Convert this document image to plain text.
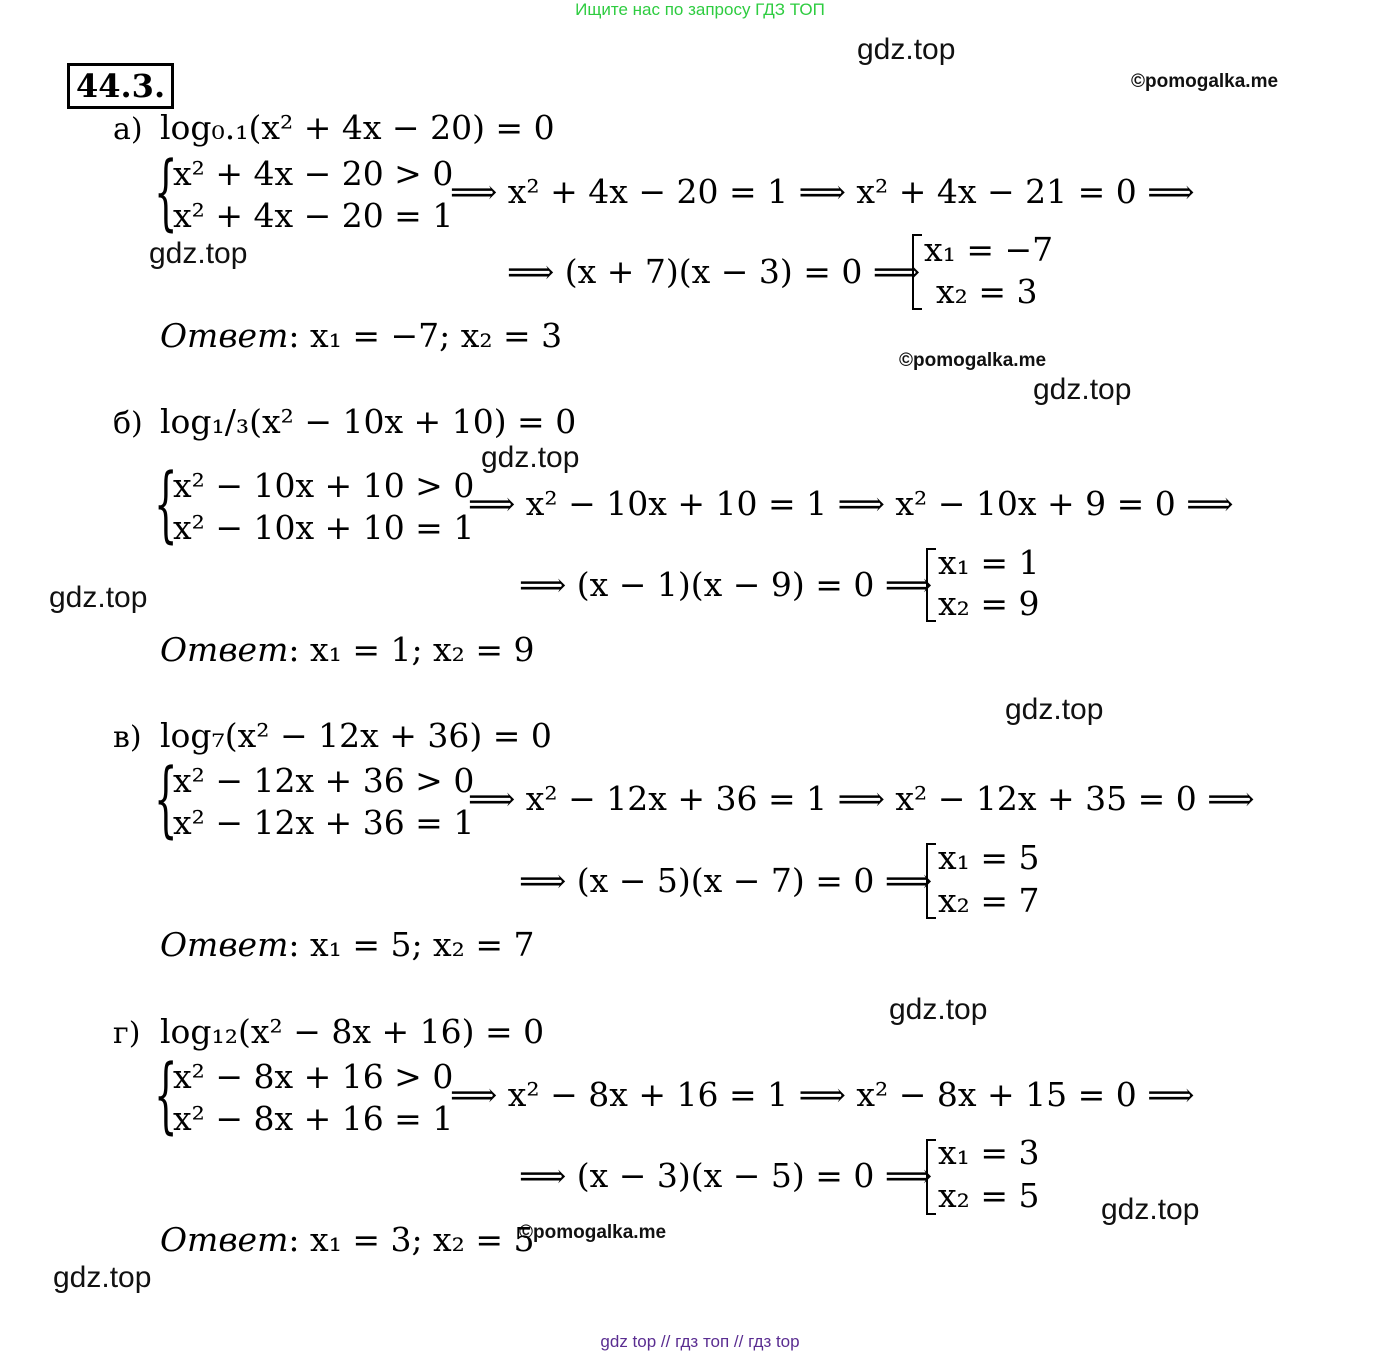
Ищите нас по запросу ГДЗ ТОП
44.3.
gdz.top
gdz.top
gdz.top
gdz.top
gdz.top
gdz.top
gdz.top
gdz.top
gdz.top
©pomogalka.me
©pomogalka.me
©pomogalka.me
а) log₀.₁(x² + 4x − 20) = 0
{
x² + 4x − 20 > 0
x² + 4x − 20 = 1
⟹ x² + 4x − 20 = 1 ⟹ x² + 4x − 21 = 0 ⟹
⟹ (x + 7)(x − 3) = 0 ⟹
x₁ = −7
x₂ = 3
Ответ: x₁ = −7; x₂ = 3
б) log₁/₃(x² − 10x + 10) = 0
{
x² − 10x + 10 > 0
x² − 10x + 10 = 1
⟹ x² − 10x + 10 = 1 ⟹ x² − 10x + 9 = 0 ⟹
⟹ (x − 1)(x − 9) = 0 ⟹
x₁ = 1
x₂ = 9
Ответ: x₁ = 1; x₂ = 9
в) log₇(x² − 12x + 36) = 0
{
x² − 12x + 36 > 0
x² − 12x + 36 = 1
⟹ x² − 12x + 36 = 1 ⟹ x² − 12x + 35 = 0 ⟹
⟹ (x − 5)(x − 7) = 0 ⟹
x₁ = 5
x₂ = 7
Ответ: x₁ = 5; x₂ = 7
г) log₁₂(x² − 8x + 16) = 0
{
x² − 8x + 16 > 0
x² − 8x + 16 = 1
⟹ x² − 8x + 16 = 1 ⟹ x² − 8x + 15 = 0 ⟹
⟹ (x − 3)(x − 5) = 0 ⟹
x₁ = 3
x₂ = 5
Ответ: x₁ = 3; x₂ = 5
gdz top // гдз топ // гдз top
